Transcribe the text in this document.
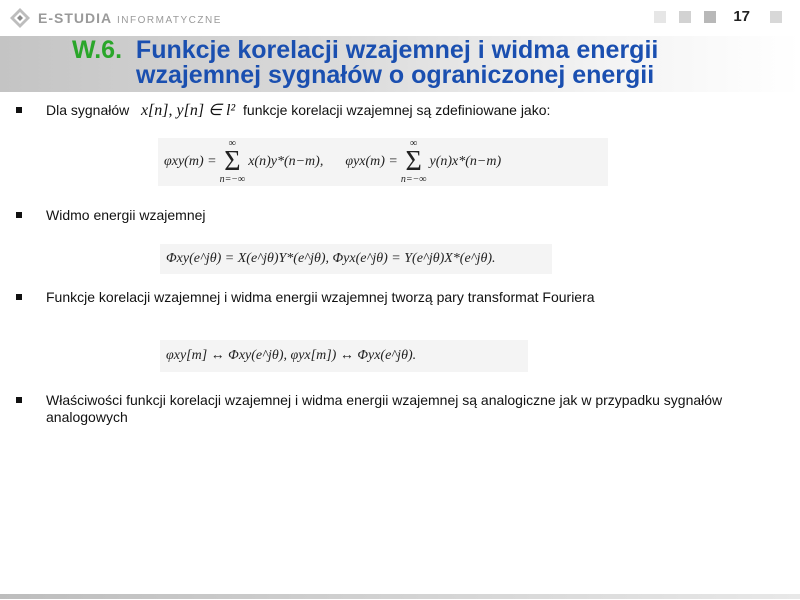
E-STUDIA INFORMATYCZNE	17
W.6. Funkcje korelacji wzajemnej i widma energii
wzajemnej sygnałów o ograniczonej energii
Dla sygnałów x[n], y[n] ∈ l² funkcje korelacji wzajemnej są zdefiniowane jako:
φxy(m) =
∞
Σ
n=−∞
x(n)y*(n−m), φyx(m) =
∞
Σ
n=−∞
y(n)x*(n−m)
Widmo energii wzajemnej
Φxy(e^jθ) = X(e^jθ)Y*(e^jθ), Φyx(e^jθ) = Y(e^jθ)X*(e^jθ).
Funkcje korelacji wzajemnej i widma energii wzajemnej tworzą pary transformat Fouriera
φxy[m] ↔ Φxy(e^jθ), φyx[m]) ↔ Φyx(e^jθ).
Właściwości funkcji korelacji wzajemnej i widma energii wzajemnej są analogiczne jak w przypadku sygnałów analogowych
